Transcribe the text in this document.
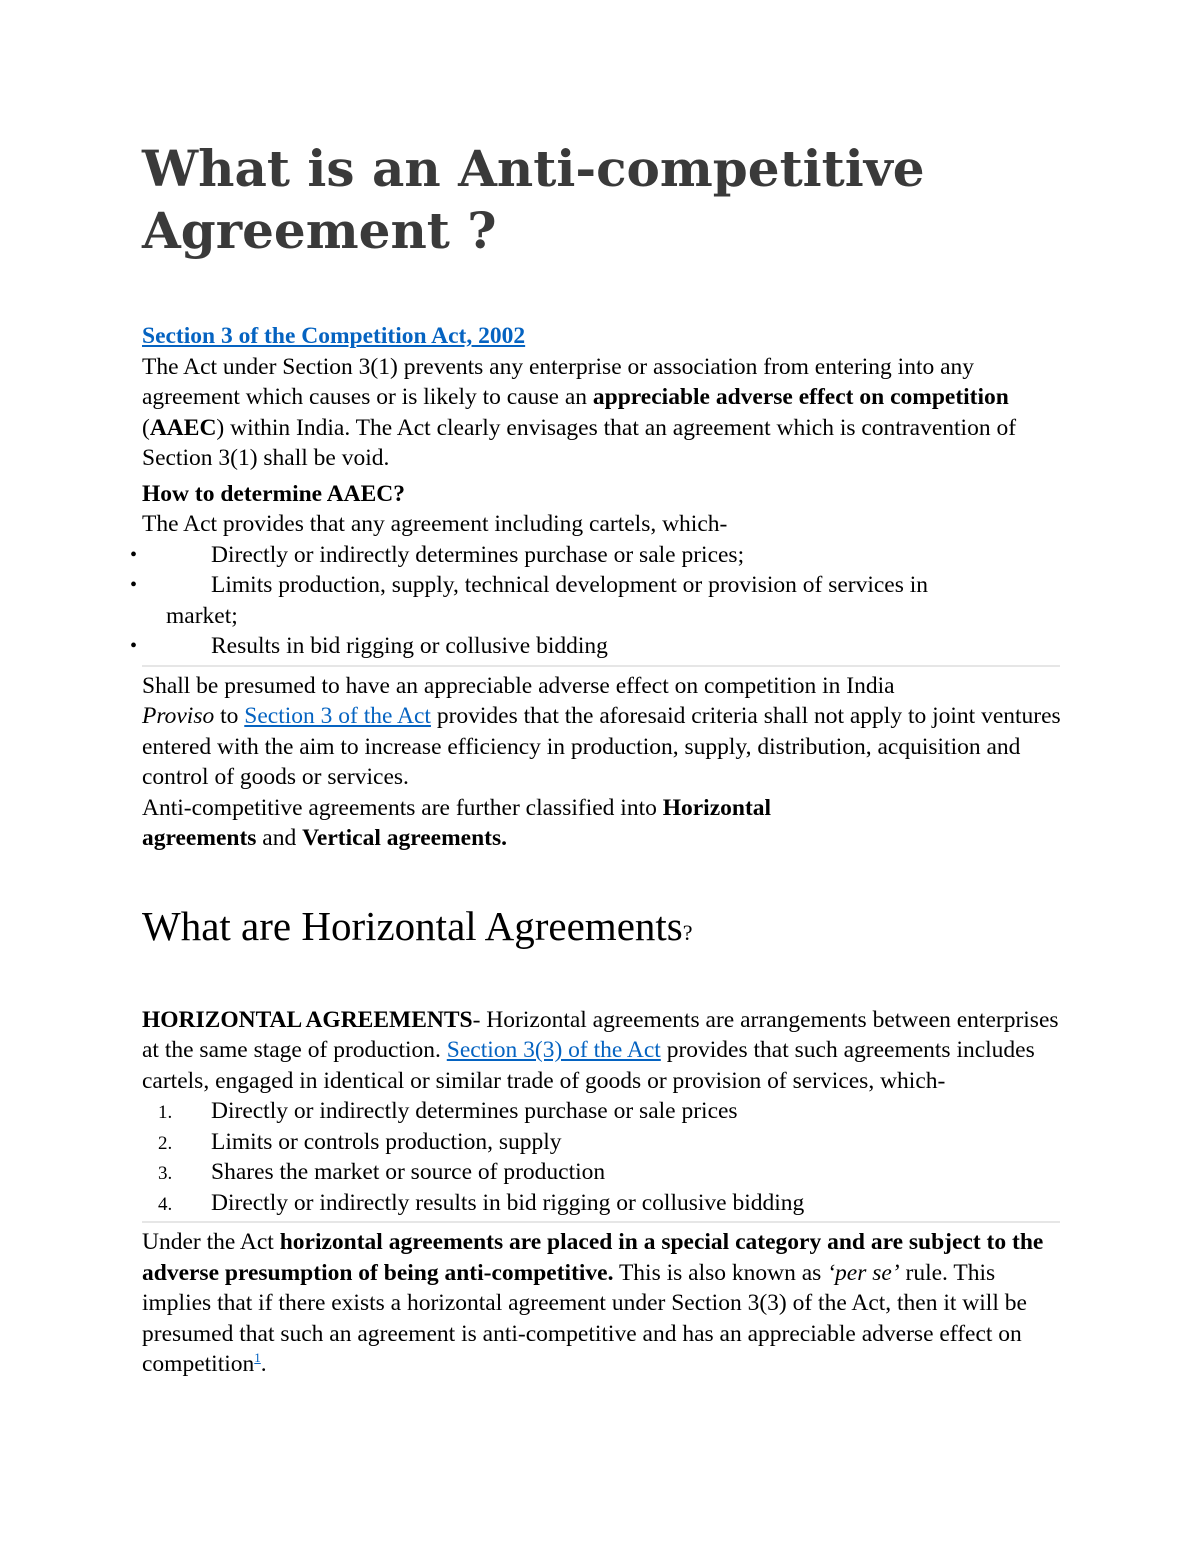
What is an Anti-competitive Agreement ?

Section 3 of the Competition Act, 2002

The Act under Section 3(1) prevents any enterprise or association from entering into any agreement which causes or is likely to cause an appreciable adverse effect on competition (AAEC) within India. The Act clearly envisages that an agreement which is contravention of Section 3(1) shall be void.

How to determine AAEC?

The Act provides that any agreement including cartels, which-

•	Directly or indirectly determines purchase or sale prices;
•	Limits production, supply, technical development or provision of services in
market;
•	Results in bid rigging or collusive bidding

Shall be presumed to have an appreciable adverse effect on competition in India

Proviso to Section 3 of the Act provides that the aforesaid criteria shall not apply to joint ventures entered with the aim to increase efficiency in production, supply, distribution, acquisition and control of goods or services.

Anti-competitive agreements are further classified into Horizontal agreements and Vertical agreements.

What are Horizontal Agreements?

HORIZONTAL AGREEMENTS- Horizontal agreements are arrangements between enterprises at the same stage of production. Section 3(3) of the Act provides that such agreements includes cartels, engaged in identical or similar trade of goods or provision of services, which-

1. Directly or indirectly determines purchase or sale prices
2. Limits or controls production, supply
3. Shares the market or source of production
4. Directly or indirectly results in bid rigging or collusive bidding

Under the Act horizontal agreements are placed in a special category and are subject to the adverse presumption of being anti-competitive. This is also known as ‘per se’ rule. This implies that if there exists a horizontal agreement under Section 3(3) of the Act, then it will be presumed that such an agreement is anti-competitive and has an appreciable adverse effect on competition$^1$.
